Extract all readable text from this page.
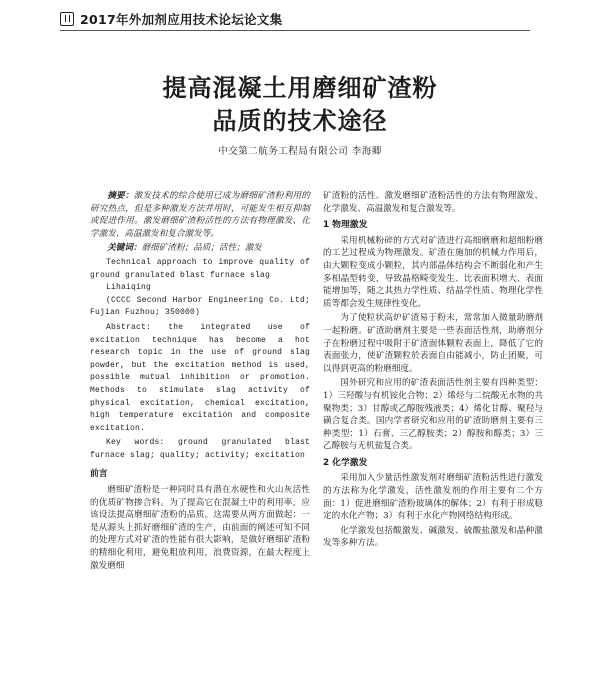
2017年外加剂应用技术论坛论文集
提高混凝土用磨细矿渣粉
品质的技术途径
中交第二航务工程局有限公司 李海卿

摘要：激发技术的综合使用已成为磨细矿渣粉利用的研究热点，但是多种激发方法并用时，可能发生相互抑制或促进作用。激发磨细矿渣粉活性的方法有物理激发、化学激发、高温激发和复合激发等。

关键词：磨细矿渣粉；品质；活性；激发

Technical approach to improve quality of ground granulated blast furnace slag

Lihaiqing

(CCCC Second Harbor Engineering Co. Ltd; Fujian Fuzhou; 350000)

Abstract: the integrated use of excitation technique has become a hot research topic in the use of ground slag powder, but the excitation method is used, possible mutual inhibition or promotion. Methods to stimulate slag activity of physical excitation, chemical excitation, high temperature excitation and composite excitation.

Key words: ground granulated blast furnace slag; quality; activity; excitation

前言

磨细矿渣粉是一种同时具有潜在水硬性和火山灰活性的优质矿物掺合料。为了提高它在混凝土中的利用率，应该设法提高磨细矿渣粉的品质。这需要从两方面做起：一是从源头上抓好磨细矿渣的生产，由前面的阐述可知不同的处理方式对矿渣的性能有很大影响，是做好磨细矿渣粉的精细化利用，避免粗放利用，浪费资源，在最大程度上激发磨细

矿渣粉的活性。激发磨细矿渣粉活性的方法有物理激发、化学激发、高温激发和复合激发等。

1 物理激发

采用机械粉碎的方式对矿渣进行高细磨磨和超细粉磨的工艺过程成为物理激发。矿渣在施加的机械力作用后，由大颗粒变成小颗粒，其内部晶体结构会不断弱化和产生多相晶型转变，导致晶格畸变发生、比表面积增大、表面能增加等，随之其热力学性质、结晶学性质、物理化学性质等都会发生规律性变化。

为了使粒状高炉矿渣易于粉末，常常加入微量助磨剂一起粉磨。矿渣助磨剂主要是一些表面活性剂，助磨剂分子在粉磨过程中吸附于矿渣面体颗粒表面上，降低了它的表面张力，使矿渣颗粒於表面自由能减小，防止团聚，可以得到更高的粉磨细度。

国外研究和应用的矿渣表面活性剂主要有四种类型：1）三羟酸与有机铵化合物；2）烯烃与二烷酸无水物的共聚物类；3）甘醇或乙醇胺残液类；4）烯化甘醇、聚羟与磺合复合类。国内学者研究和应用的矿渣助磨剂主要有三种类型：1）石膏、三乙醇胺类；2）醇胺和醇类；3）三乙醇胺与无机盐复合类。

2 化学激发

采用加入少量活性激发剂对磨细矿渣粉活性进行激发的方法称为化学激发，活性激发剂的作用主要有二个方面：1）促进磨细矿渣粉玻璃体的解体；2）有利于形成稳定的水化产物；3）有利于水化产物网络结构形成。

化学激发包括酸激发、碱激发、硫酸盐激发和晶种激发等多种方法。
